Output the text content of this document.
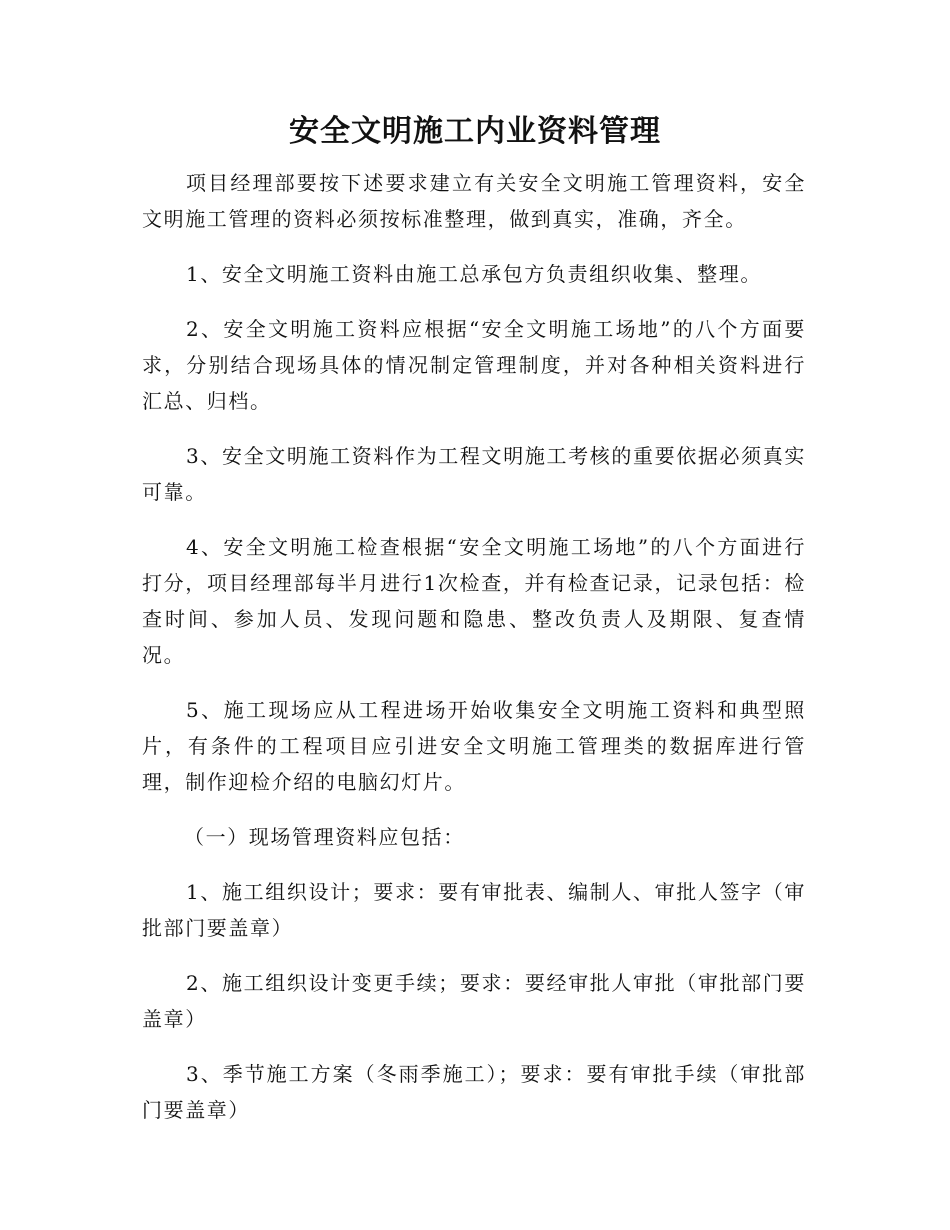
安全文明施工内业资料管理

项目经理部要按下述要求建立有关安全文明施工管理资料，安全文明施工管理的资料必须按标准整理，做到真实，准确，齐全。

1、安全文明施工资料由施工总承包方负责组织收集、整理。

2、安全文明施工资料应根据“安全文明施工场地”的八个方面要求，分别结合现场具体的情况制定管理制度，并对各种相关资料进行汇总、归档。

3、安全文明施工资料作为工程文明施工考核的重要依据必须真实可靠。

4、安全文明施工检查根据“安全文明施工场地”的八个方面进行打分，项目经理部每半月进行1次检查，并有检查记录，记录包括：检查时间、参加人员、发现问题和隐患、整改负责人及期限、复查情况。

5、施工现场应从工程进场开始收集安全文明施工资料和典型照片，有条件的工程项目应引进安全文明施工管理类的数据库进行管理，制作迎检介绍的电脑幻灯片。

（一）现场管理资料应包括：

1、施工组织设计；要求：要有审批表、编制人、审批人签字（审批部门要盖章）

2、施工组织设计变更手续；要求：要经审批人审批（审批部门要盖章）

3、季节施工方案（冬雨季施工）；要求：要有审批手续（审批部门要盖章）
